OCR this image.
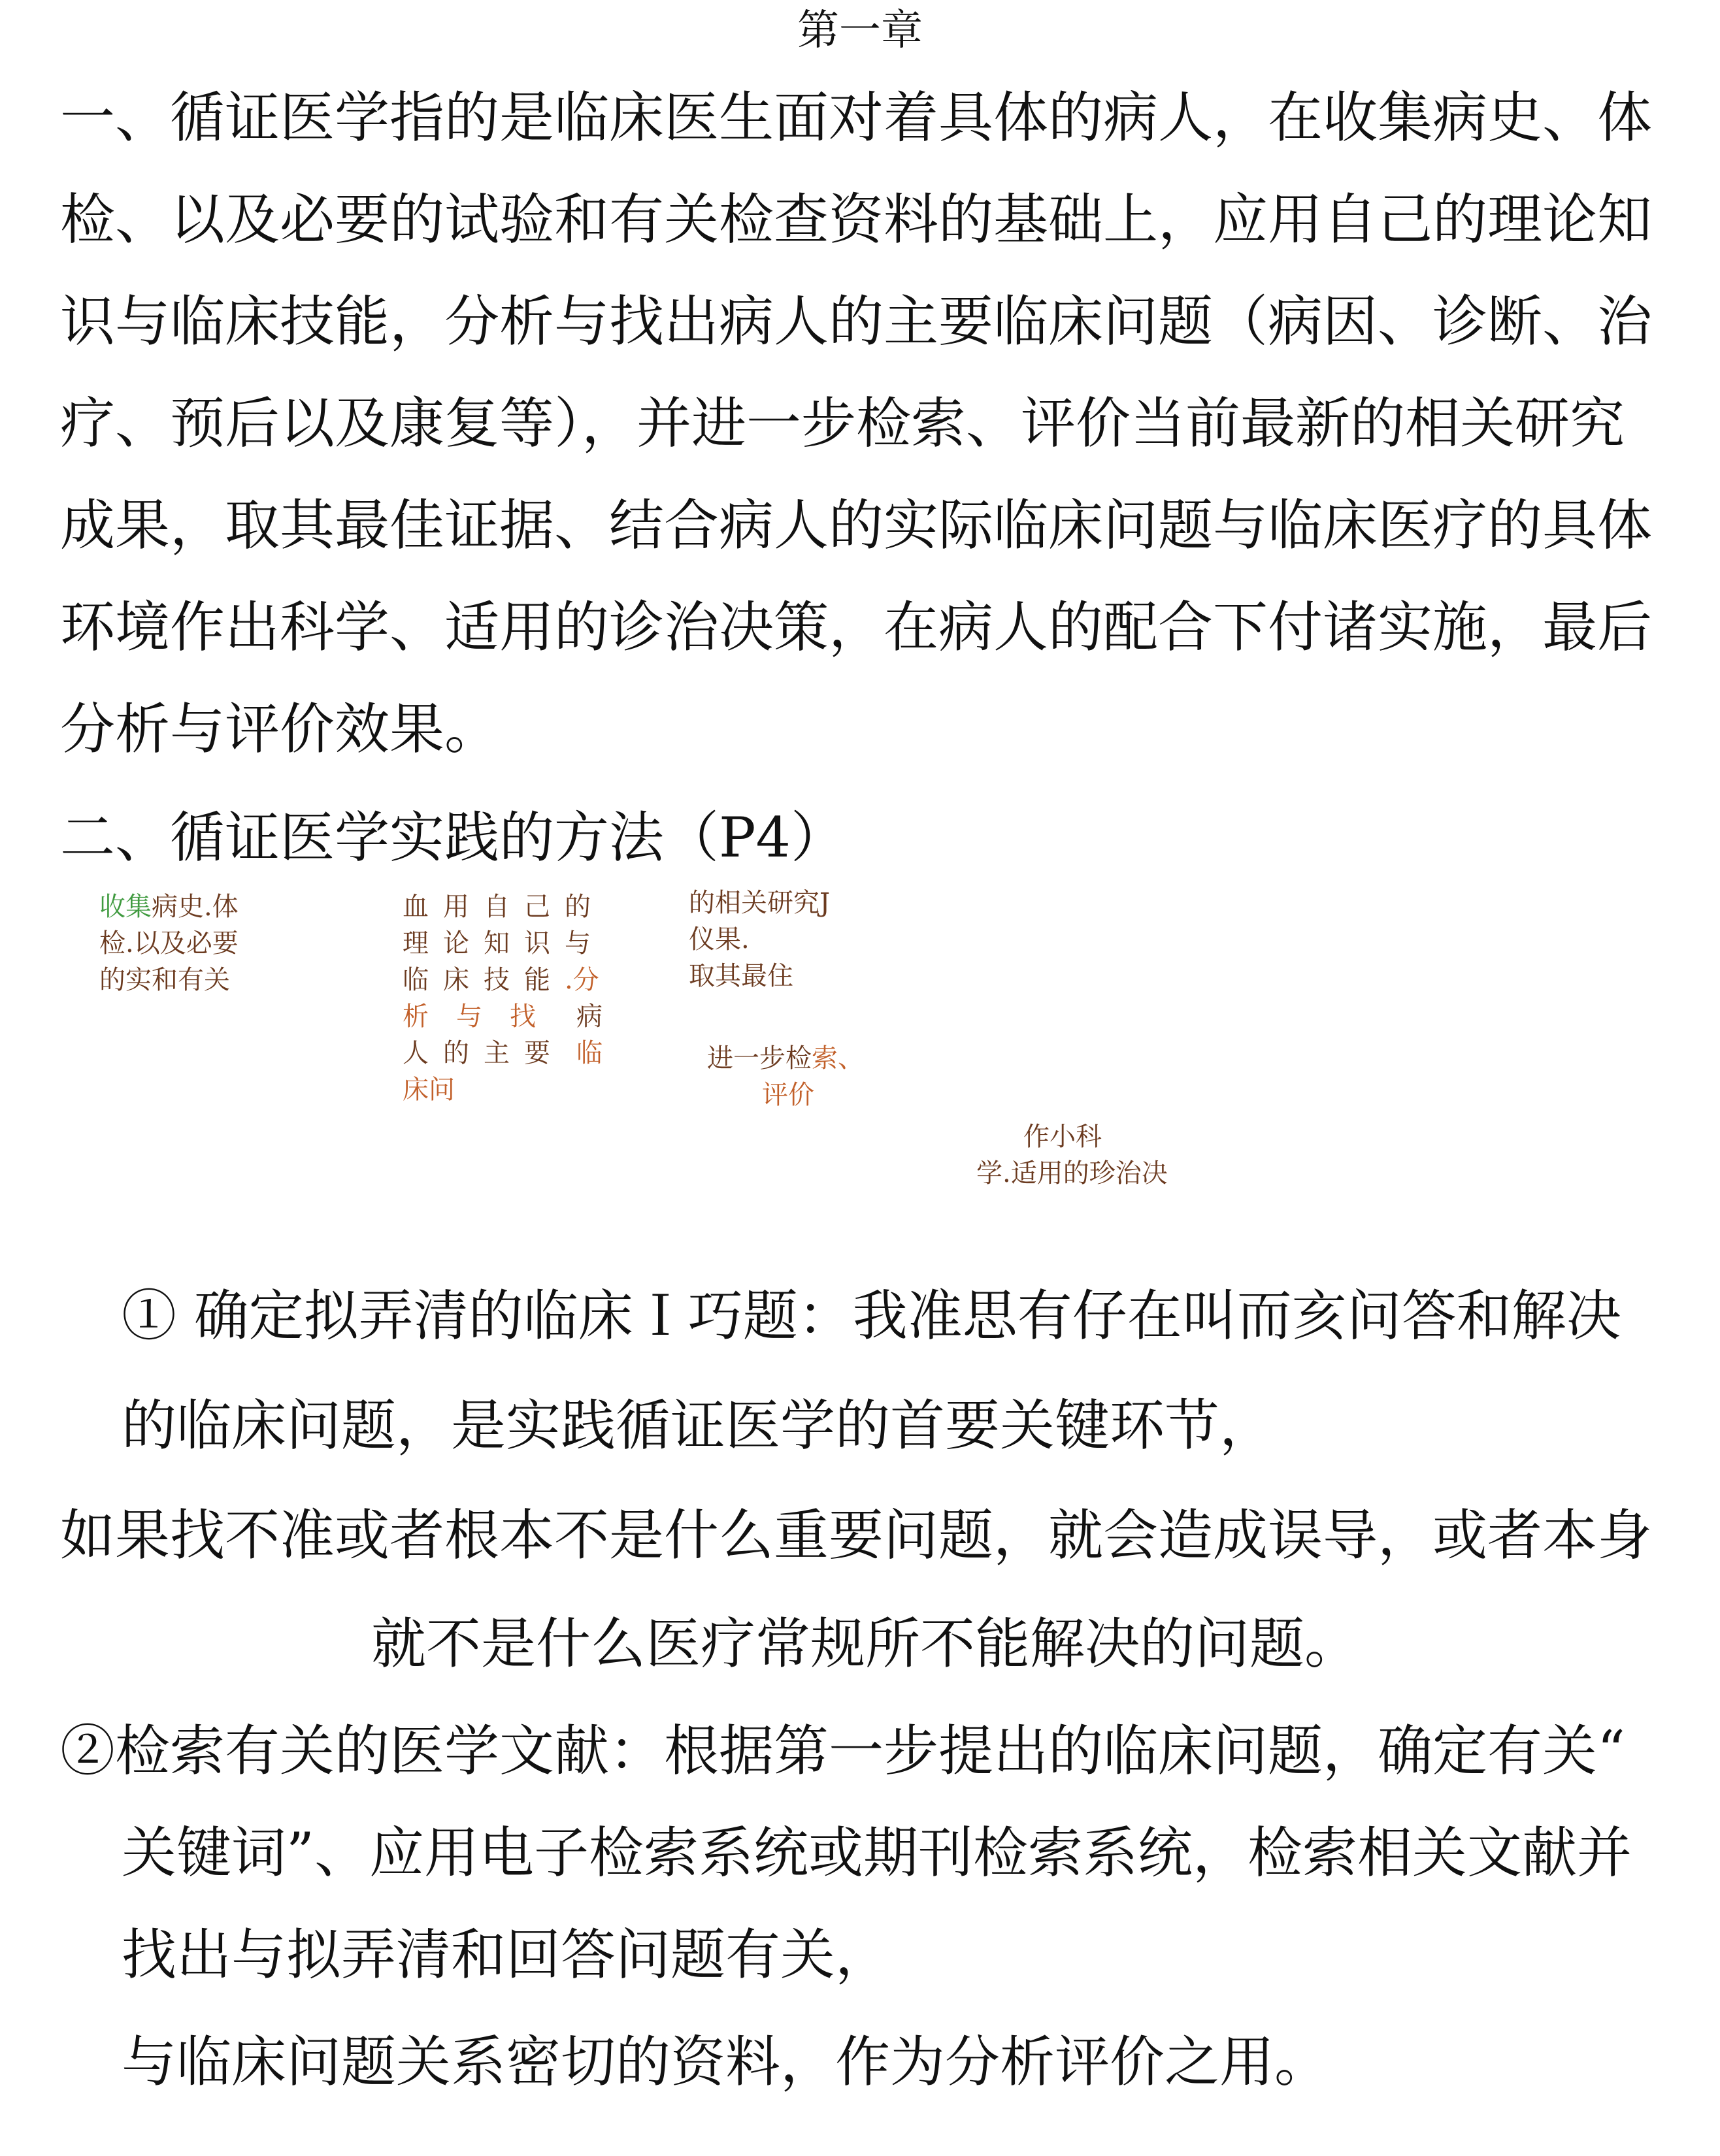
第一章
一、循证医学指的是临床医生面对着具体的病人，在收集病史、体
检、以及必要的试验和有关检查资料的基础上，应用自己的理论知
识与临床技能，分析与找出病人的主要临床问题（病因、诊断、治
疗、预后以及康复等），并进一步检索、评价当前最新的相关研究
成果，取其最佳证据、结合病人的实际临床问题与临床医疗的具体
环境作出科学、适用的诊治决策，在病人的配合下付诸实施，最后
分析与评价效果。
二、循证医学实践的方法（P4）
收集病史.体
检.以及必要
的实和有关
血用自己的
理论知识与
临床技能.分
析与找 病
人的主要 临
床问
的相关研究J
仪果.
取其最住
进一步检索、
评价
作小科
学.适用的珍治决
① 确定拟弄清的临床Ｉ巧题：我准思有仔在叫而亥问答和解决
的临床问题，是实践循证医学的首要关键环节，
如果找不准或者根本不是什么重要问题，就会造成误导，或者本身
就不是什么医疗常规所不能解决的问题。
②检索有关的医学文献：根据第一步提出的临床问题，确定有关“
关键词”、应用电子检索系统或期刊检索系统，检索相关文献并
找出与拟弄清和回答问题有关，
与临床问题关系密切的资料，作为分析评价之用。
